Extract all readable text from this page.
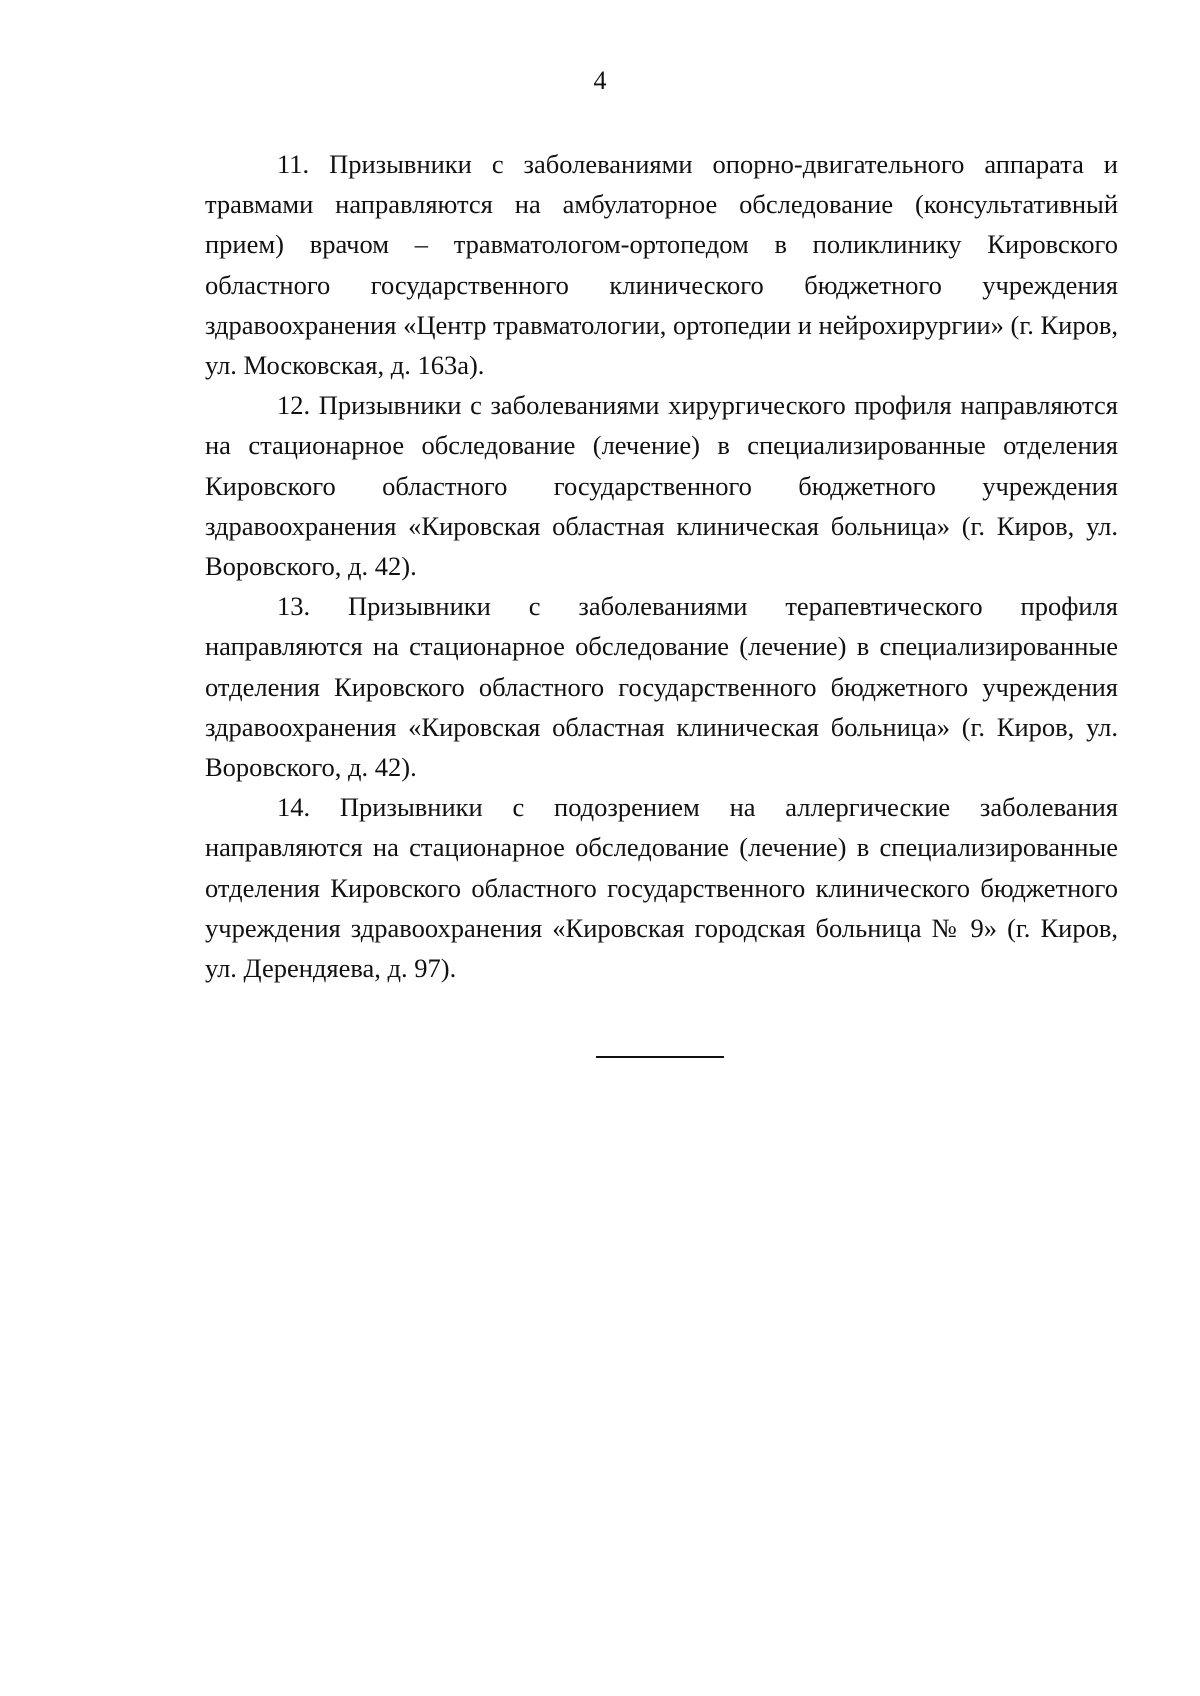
4

11. Призывники с заболеваниями опорно-двигательного аппарата и травмами направляются на амбулаторное обследование (консультативный прием) врачом – травматологом-ортопедом в поликлинику Кировского областного государственного клинического бюджетного учреждения здравоохранения «Центр травматологии, ортопедии и нейрохирургии» (г. Киров, ул. Московская, д. 163а).

12. Призывники с заболеваниями хирургического профиля направляются на стационарное обследование (лечение) в специализированные отделения Кировского областного государственного бюджетного учреждения здравоохранения «Кировская областная клиническая больница» (г. Киров, ул. Воровского, д. 42).

13. Призывники с заболеваниями терапевтического профиля направляются на стационарное обследование (лечение) в специализированные отделения Кировского областного государственного бюджетного учреждения здравоохранения «Кировская областная клиническая больница» (г. Киров, ул. Воровского, д. 42).

14. Призывники с подозрением на аллергические заболевания направляются на стационарное обследование (лечение) в специализированные отделения Кировского областного государственного клинического бюджетного учреждения здравоохранения «Кировская городская больница № 9» (г. Киров, ул. Дерендяева, д. 97).
